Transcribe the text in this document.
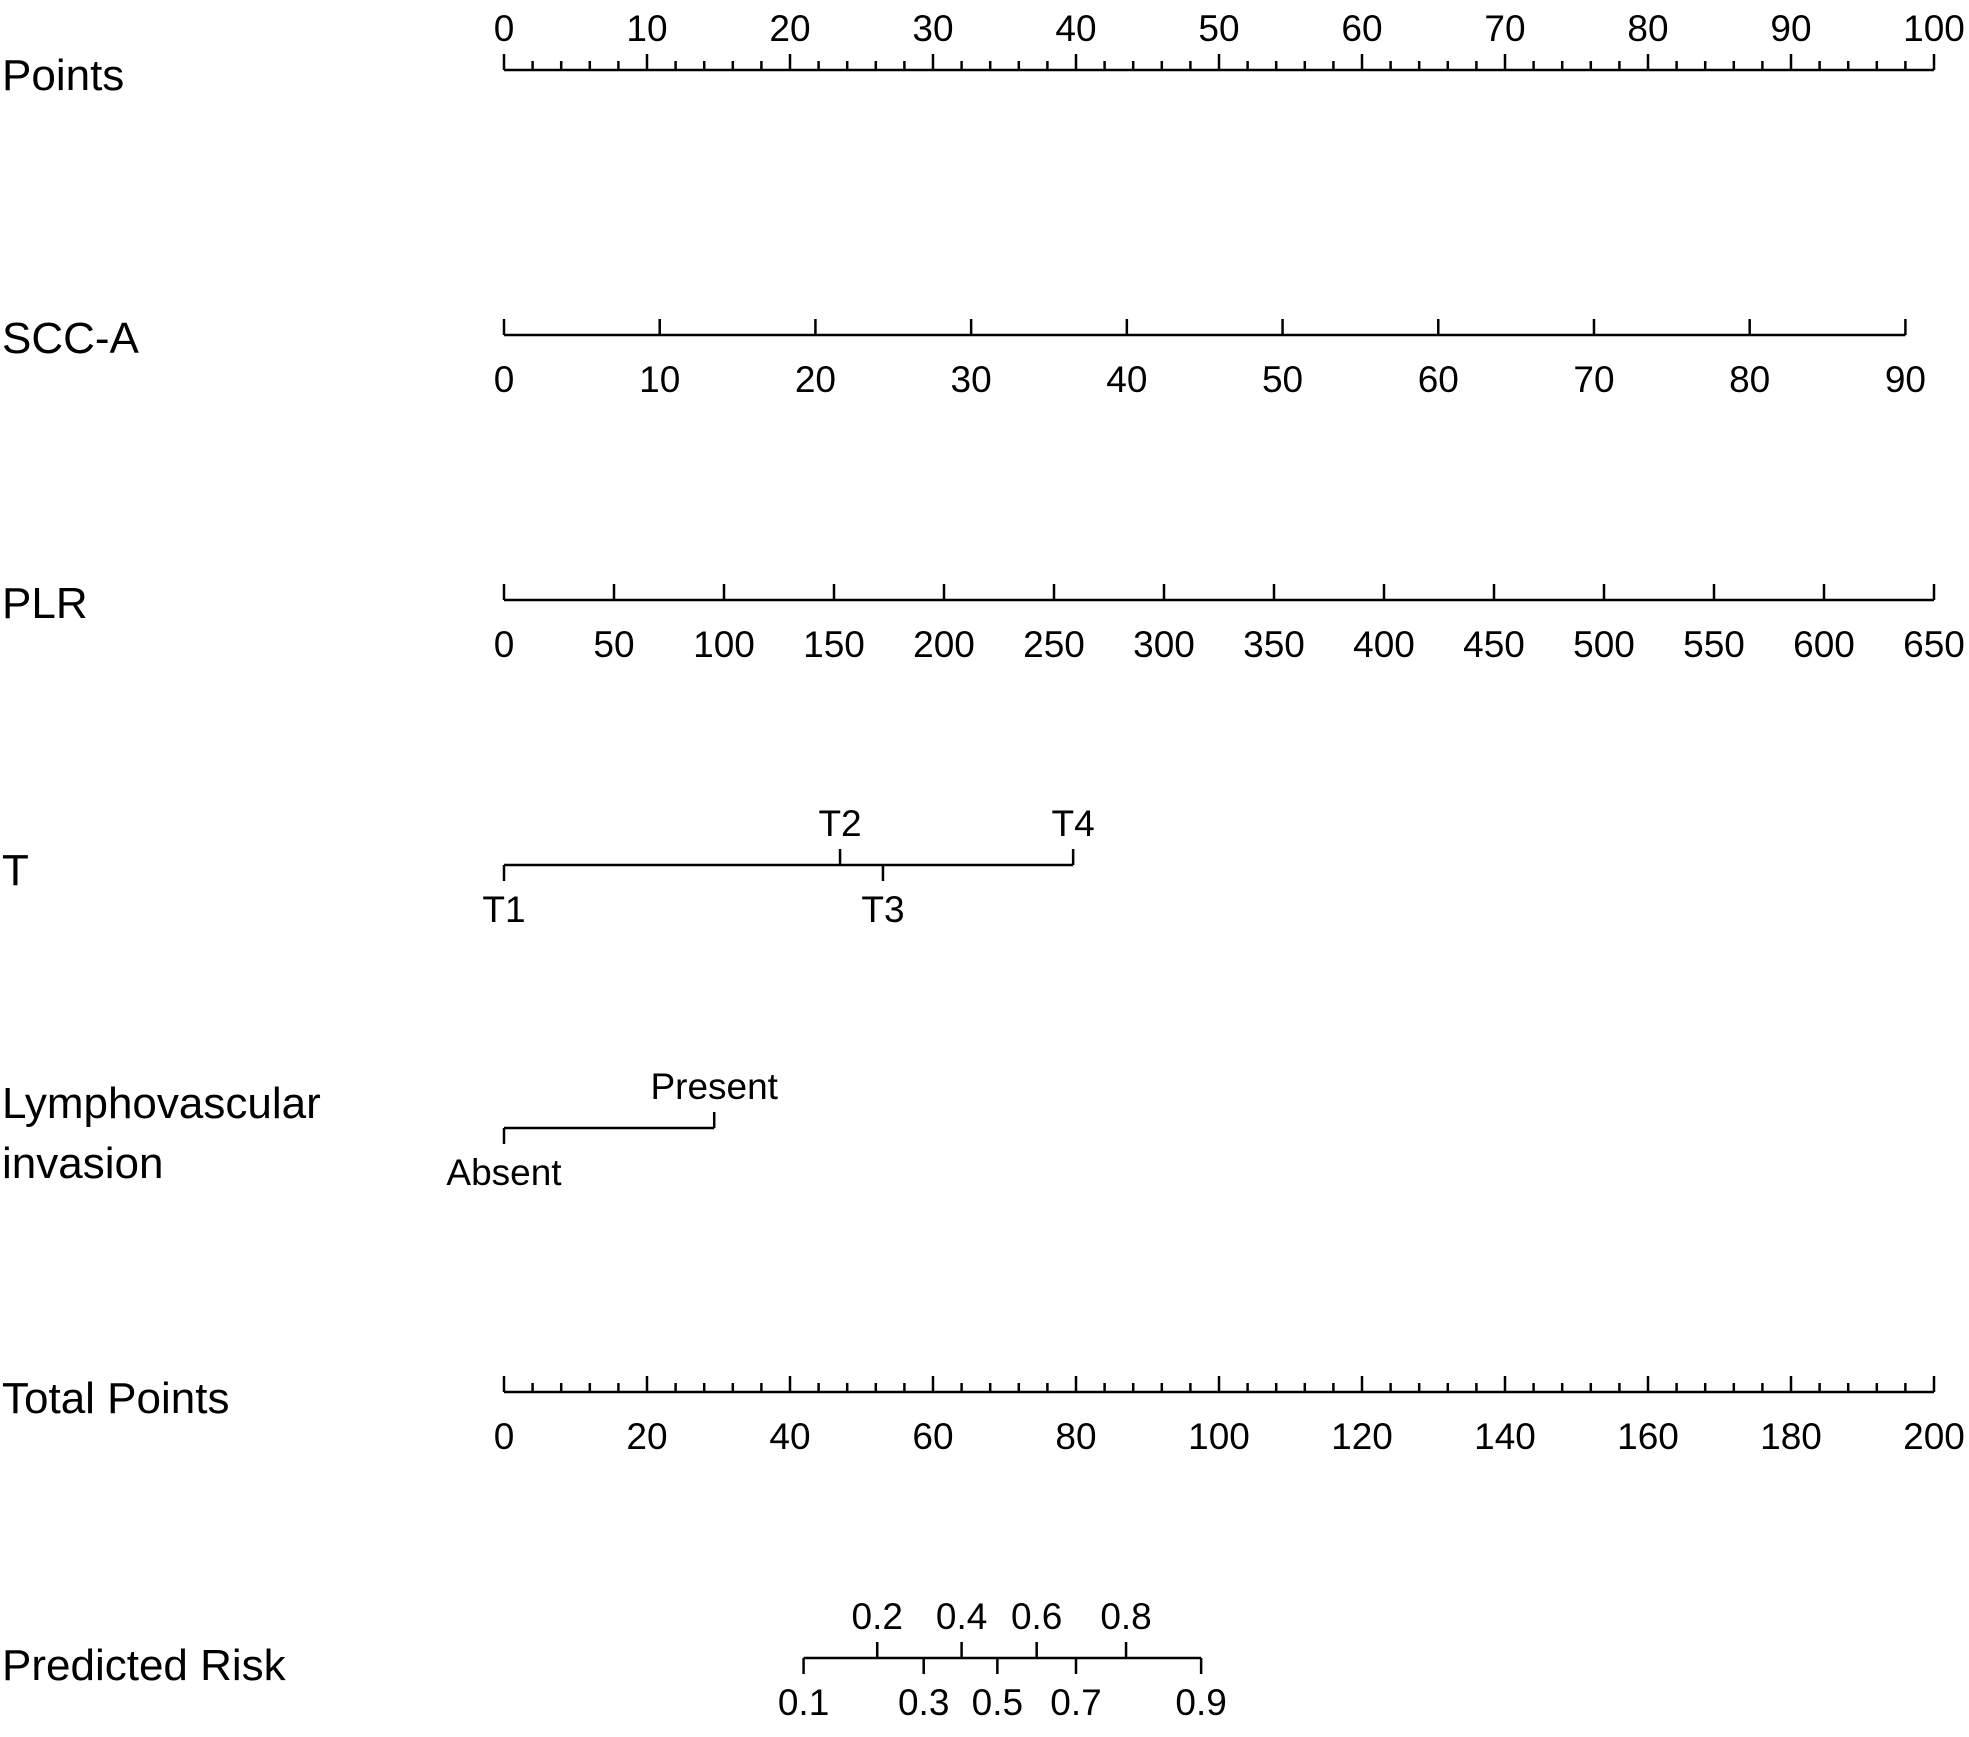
Points
0	10	20	30	40	50	60	70	80	90 100
SCC-A
0	10	20	30	40	50	60	70	80	90
PLR
0 50 100 150 200 250 300 350 400 450 500 550 600 650
T
T1
T2
T3
T4
Lymphovascular
invasion	Absent
Present
Total Points
0	20	40	60	80 100 120 140 160 180 200
Predicted Risk
0.1
0.2
0.3
0.4
0.5
0.6
0.7
0.8
0.9
